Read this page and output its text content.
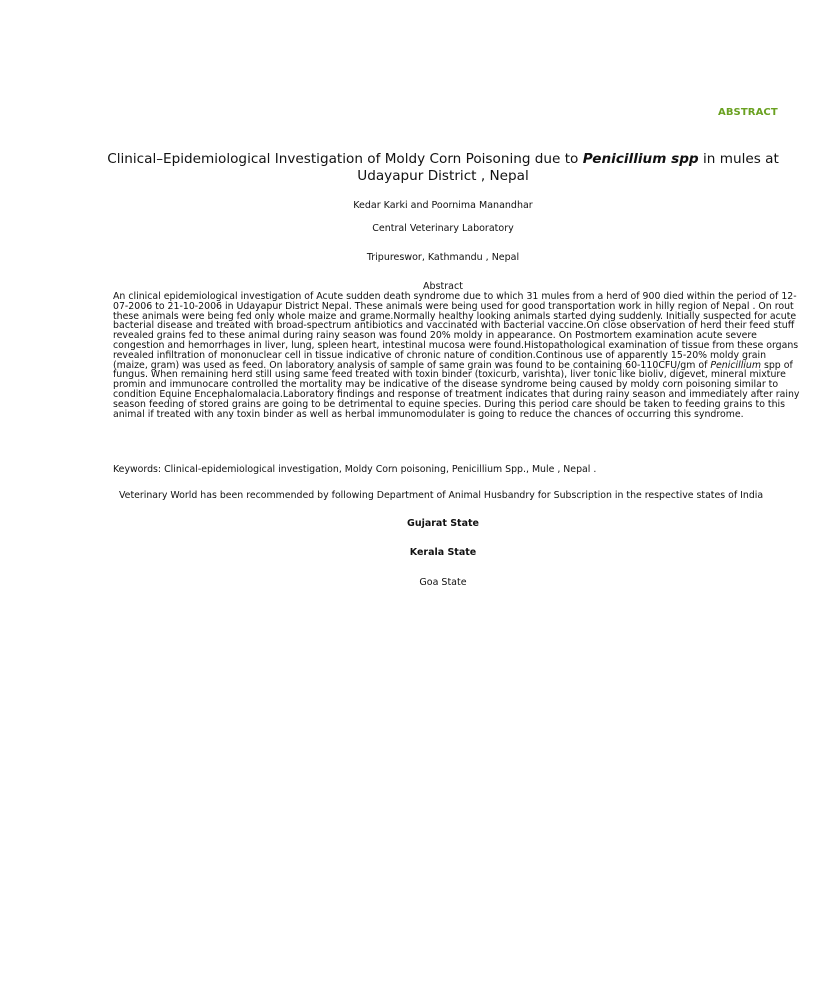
ABSTRACT
Clinical–Epidemiological Investigation of Moldy Corn Poisoning due to Penicillium spp in mules at
Udayapur District , Nepal
Kedar Karki and Poornima Manandhar
Central Veterinary Laboratory
Tripureswor, Kathmandu , Nepal
Abstract
An clinical epidemiological investigation of Acute sudden death syndrome due to which 31 mules from a herd of 900 died within the period of 12-07-2006 to 21-10-2006 in Udayapur District Nepal. These animals were being used for good transportation work in hilly region of Nepal . On rout these animals were being fed only whole maize and grame.Normally healthy looking animals started dying suddenly. Initially suspected for acute bacterial disease and treated with broad-spectrum antibiotics and vaccinated with bacterial vaccine.On close observation of herd their feed stuff revealed grains fed to these animal during rainy season was found 20% moldy in appearance. On Postmortem examination acute severe congestion and hemorrhages in liver, lung, spleen heart, intestinal mucosa were found.Histopathological examination of tissue from these organs revealed infiltration of mononuclear cell in tissue indicative of chronic nature of condition.Continous use of apparently 15-20% moldy grain (maize, gram) was used as feed. On laboratory analysis of sample of same grain was found to be containing 60-110CFU/gm of Penicillium spp of fungus. When remaining herd still using same feed treated with toxin binder (toxicurb, varishta), liver tonic like bioliv, digevet, mineral mixture promin and immunocare controlled the mortality may be indicative of the disease syndrome being caused by moldy corn poisoning similar to condition Equine Encephalomalacia.Laboratory findings and response of treatment indicates that during rainy season and immediately after rainy season feeding of stored grains are going to be detrimental to equine species. During this period care should be taken to feeding grains to this animal if treated with any toxin binder as well as herbal immunomodulater is going to reduce the chances of occurring this syndrome.
Keywords: Clinical-epidemiological investigation, Moldy Corn poisoning, Penicillium Spp., Mule , Nepal .
Veterinary World has been recommended by following Department of Animal Husbandry for Subscription in the respective states of India
Gujarat State
Kerala State
Goa State
